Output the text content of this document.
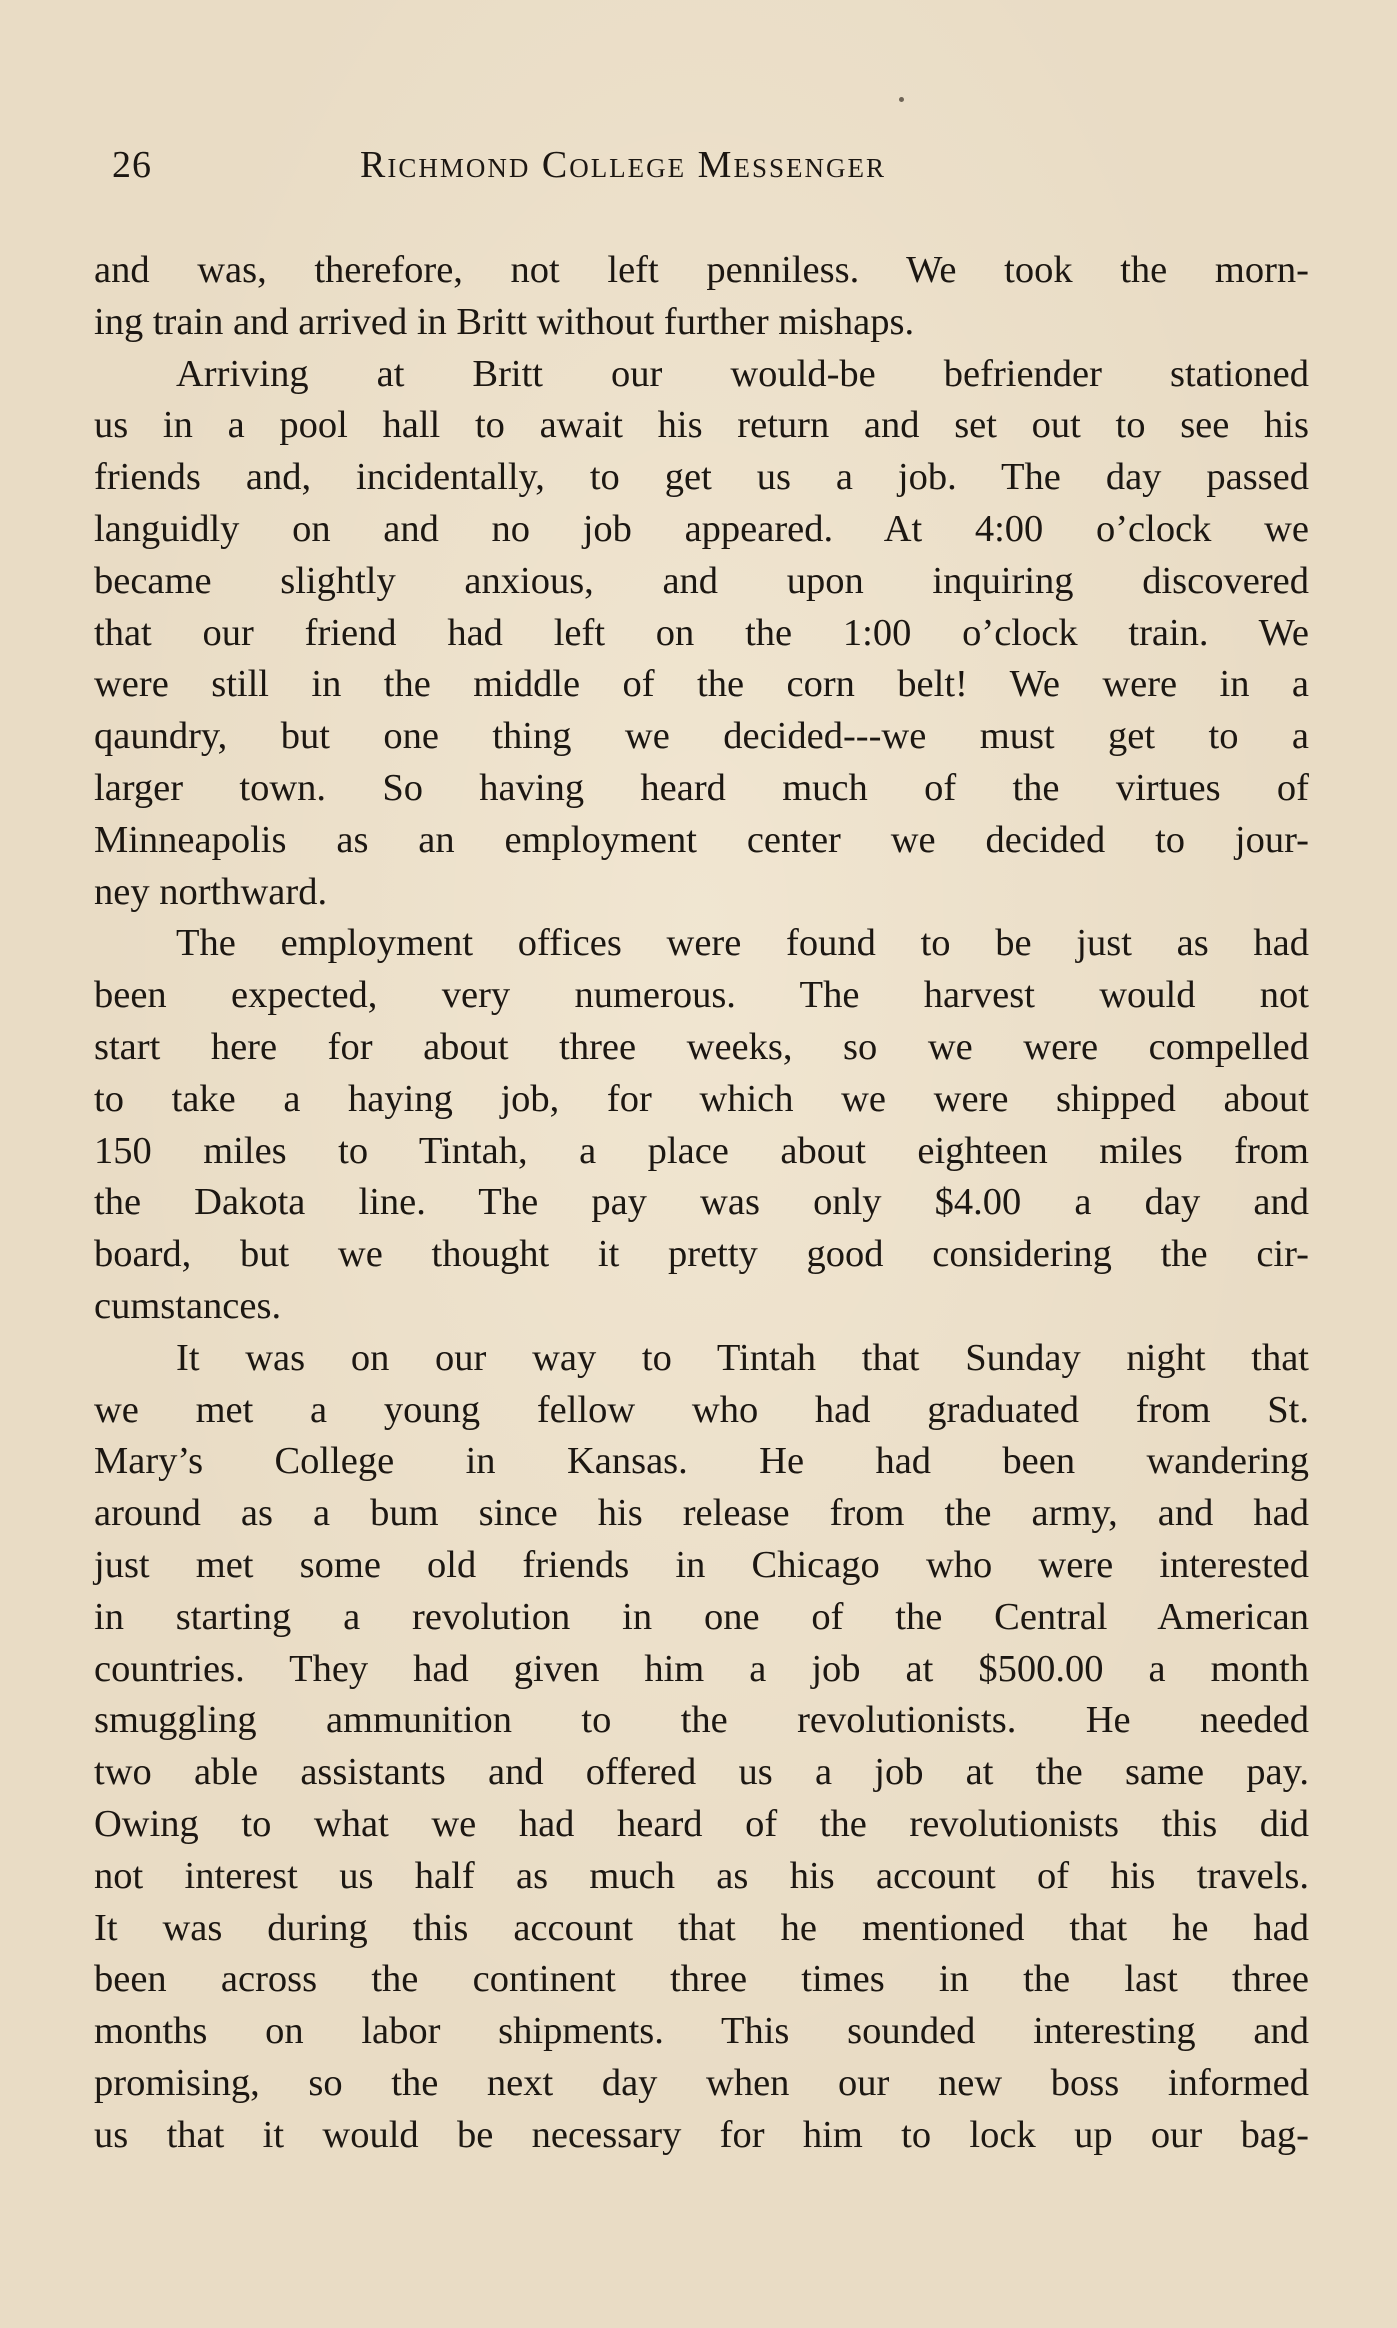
26	Richmond College Messenger
and was, therefore, not left penniless. We took the morn-
ing train and arrived in Britt without further mishaps.
Arriving at Britt our would-be befriender stationed
us in a pool hall to await his return and set out to see his
friends and, incidentally, to get us a job. The day passed
languidly on and no job appeared. At 4:00 o’clock we
became slightly anxious, and upon inquiring discovered
that our friend had left on the 1:00 o’clock train. We
were still in the middle of the corn belt! We were in a
qaundry, but one thing we decided---we must get to a
larger town. So having heard much of the virtues of
Minneapolis as an employment center we decided to jour-
ney northward.
The employment offices were found to be just as had
been expected, very numerous. The harvest would not
start here for about three weeks, so we were compelled
to take a haying job, for which we were shipped about
150 miles to Tintah, a place about eighteen miles from
the Dakota line. The pay was only $4.00 a day and
board, but we thought it pretty good considering the cir-
cumstances.
It was on our way to Tintah that Sunday night that
we met a young fellow who had graduated from St.
Mary’s College in Kansas. He had been wandering
around as a bum since his release from the army, and had
just met some old friends in Chicago who were interested
in starting a revolution in one of the Central American
countries. They had given him a job at $500.00 a month
smuggling ammunition to the revolutionists. He needed
two able assistants and offered us a job at the same pay.
Owing to what we had heard of the revolutionists this did
not interest us half as much as his account of his travels.
It was during this account that he mentioned that he had
been across the continent three times in the last three
months on labor shipments. This sounded interesting and
promising, so the next day when our new boss informed
us that it would be necessary for him to lock up our bag-
